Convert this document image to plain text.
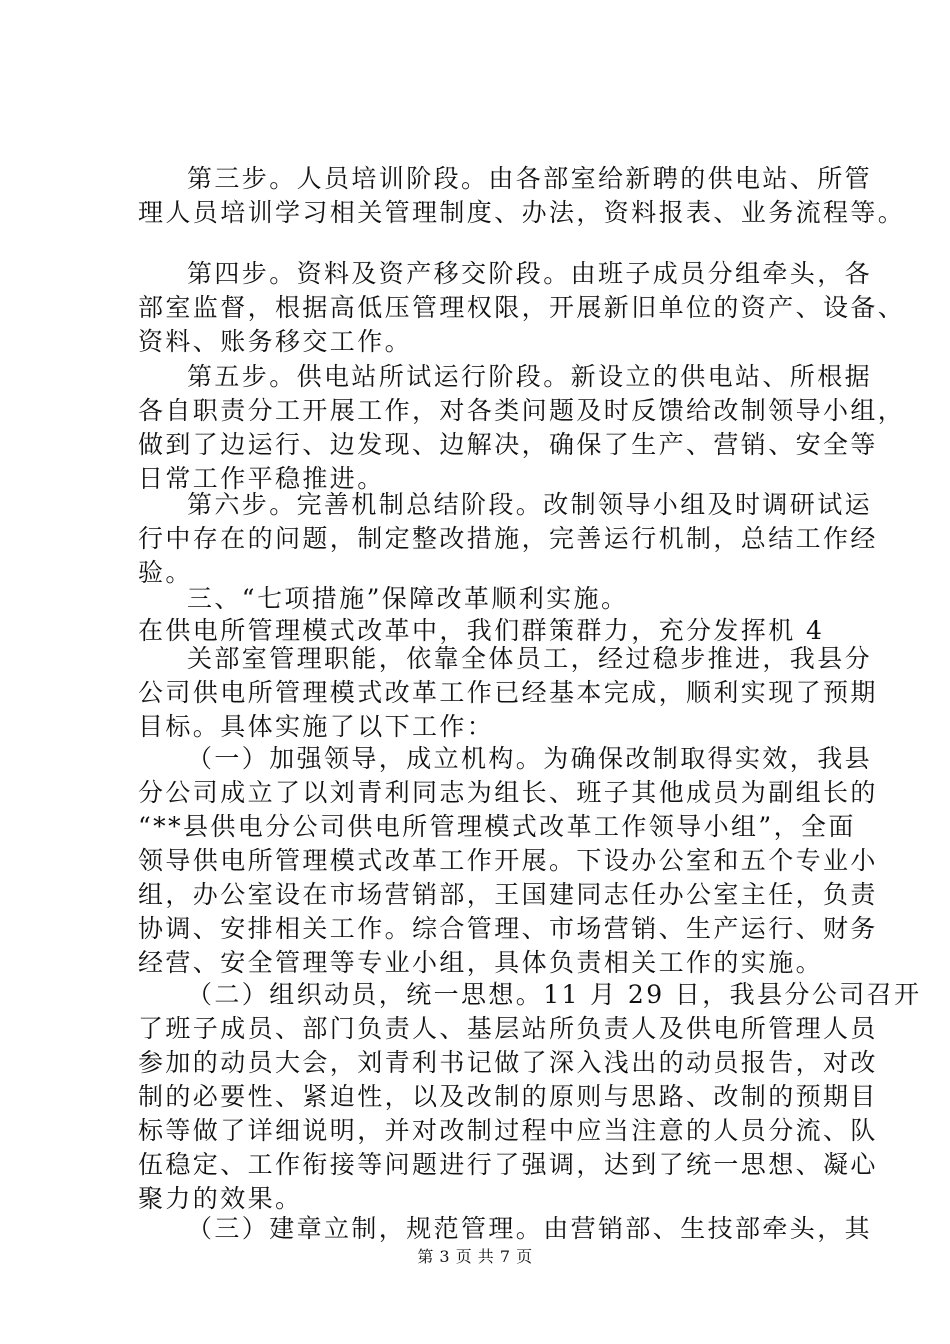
第三步。人员培训阶段。由各部室给新聘的供电站、所管
理人员培训学习相关管理制度、办法，资料报表、业务流程等。
第四步。资料及资产移交阶段。由班子成员分组牵头，各
部室监督，根据高低压管理权限，开展新旧单位的资产、设备、
资料、账务移交工作。
第五步。供电站所试运行阶段。新设立的供电站、所根据
各自职责分工开展工作，对各类问题及时反馈给改制领导小组，
做到了边运行、边发现、边解决，确保了生产、营销、安全等
日常工作平稳推进。
第六步。完善机制总结阶段。改制领导小组及时调研试运
行中存在的问题，制定整改措施，完善运行机制，总结工作经
验。
三、“七项措施”保障改革顺利实施。
在供电所管理模式改革中，我们群策群力，充分发挥机 4
关部室管理职能，依靠全体员工，经过稳步推进，我县分
公司供电所管理模式改革工作已经基本完成，顺利实现了预期
目标。具体实施了以下工作：
（一）加强领导，成立机构。为确保改制取得实效，我县
分公司成立了以刘青利同志为组长、班子其他成员为副组长的
“**县供电分公司供电所管理模式改革工作领导小组”，全面
领导供电所管理模式改革工作开展。下设办公室和五个专业小
组，办公室设在市场营销部，王国建同志任办公室主任，负责
协调、安排相关工作。综合管理、市场营销、生产运行、财务
经营、安全管理等专业小组，具体负责相关工作的实施。
（二）组织动员，统一思想。11 月 29 日，我县分公司召开
了班子成员、部门负责人、基层站所负责人及供电所管理人员
参加的动员大会，刘青利书记做了深入浅出的动员报告，对改
制的必要性、紧迫性，以及改制的原则与思路、改制的预期目
标等做了详细说明，并对改制过程中应当注意的人员分流、队
伍稳定、工作衔接等问题进行了强调，达到了统一思想、凝心
聚力的效果。
（三）建章立制，规范管理。由营销部、生技部牵头，其
第 3 页 共 7 页
